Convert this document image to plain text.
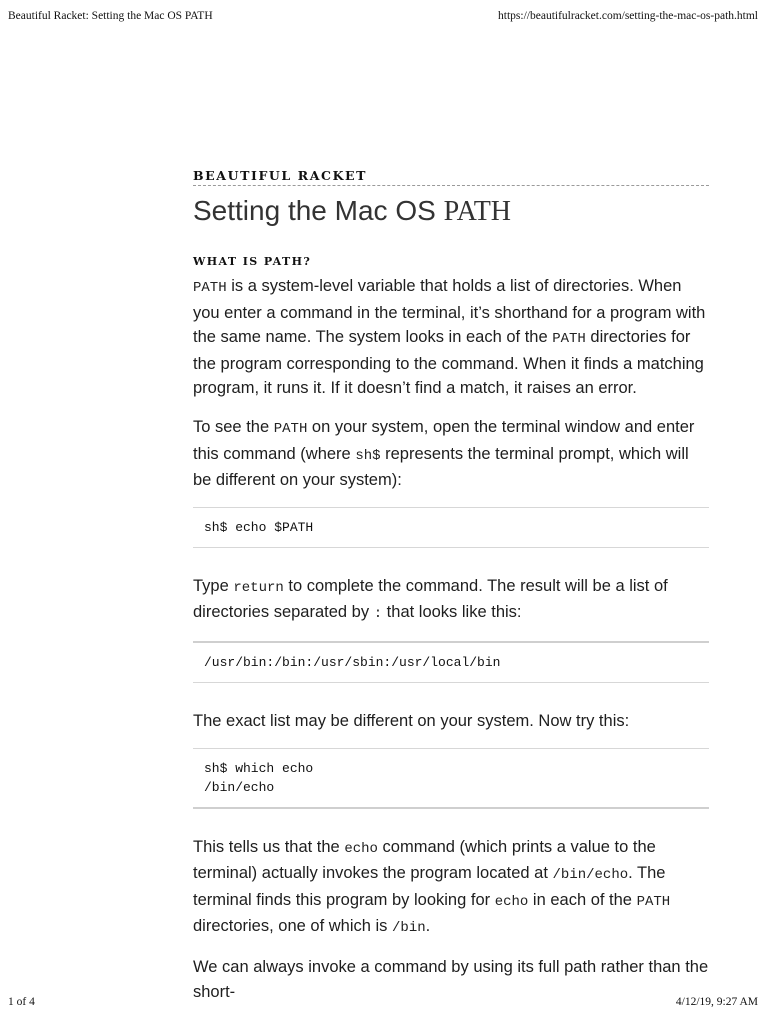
Beautiful Racket: Setting the Mac OS PATH	https://beautifulracket.com/setting-the-mac-os-path.html
BEAUTIFUL RACKET
Setting the Mac OS PATH
WHAT IS PATH?

PATH is a system-level variable that holds a list of directories. When you enter a command in the terminal, it’s shorthand for a program with the same name. The system looks in each of the PATH directories for the program corresponding to the command. When it finds a matching program, it runs it. If it doesn’t find a match, it raises an error.

To see the PATH on your system, open the terminal window and enter this command (where sh$ represents the terminal prompt, which will be different on your system):

sh$ echo $PATH

Type return to complete the command. The result will be a list of directories separated by : that looks like this:

/usr/bin:/bin:/usr/sbin:/usr/local/bin

The exact list may be different on your system. Now try this:

sh$ which echo
/bin/echo

This tells us that the echo command (which prints a value to the terminal) actually invokes the program located at /bin/echo. The terminal finds this program by looking for echo in each of the PATH directories, one of which is /bin.

We can always invoke a command by using its full path rather than the short-

1 of 4	4/12/19, 9:27 AM
